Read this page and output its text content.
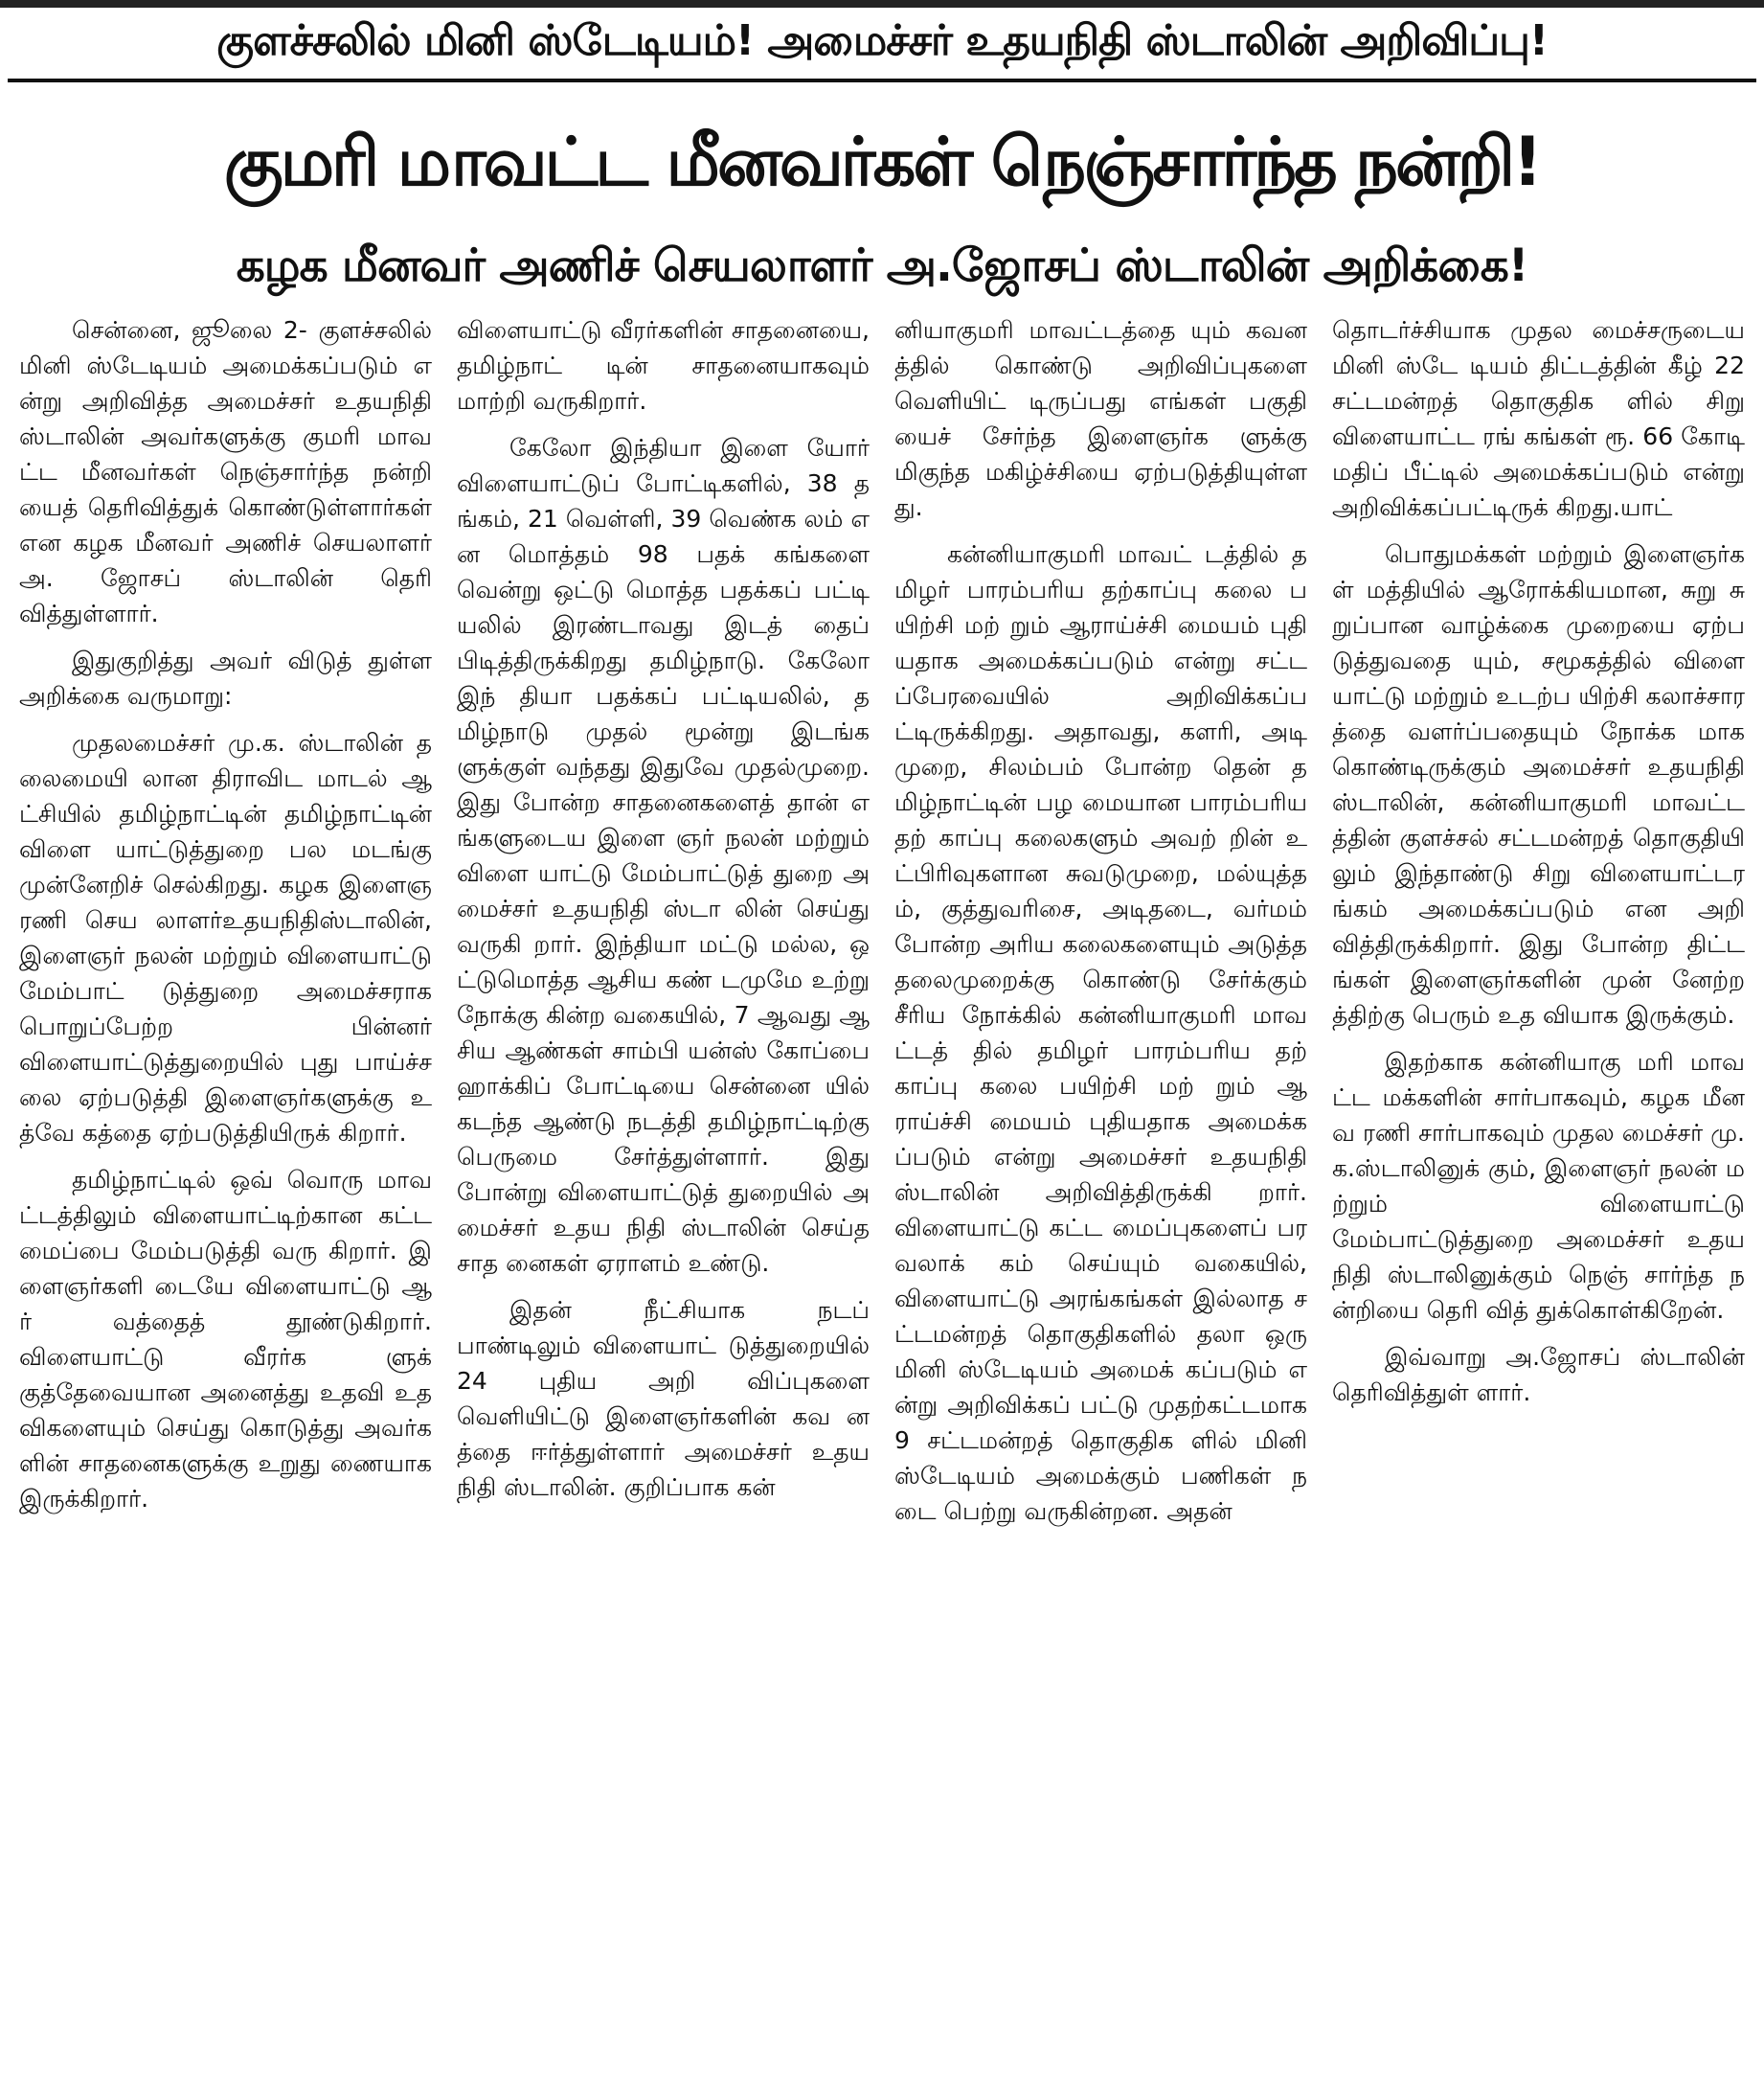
குளச்சலில் மினி ஸ்டேடியம்! அமைச்சர் உதயநிதி ஸ்டாலின் அறிவிப்பு!
குமரி மாவட்ட மீனவர்கள் நெஞ்சார்ந்த நன்றி!
கழக மீனவர் அணிச் செயலாளர் அ.ஜோசப் ஸ்டாலின் அறிக்கை!

சென்னை, ஜூலை 2- குளச்சலில் மினி ஸ்டேடியம் அமைக்கப்படும் என்று அறிவித்த அமைச்சர் உதயநிதி ஸ்டாலின் அவர்களுக்கு குமரி மாவட்ட மீனவர்கள் நெஞ்சார்ந்த நன்றி யைத் தெரிவித்துக் கொண்டுள்ளார்கள் என கழக மீனவர் அணிச் செயலாளர் அ. ஜோசப் ஸ்டாலின் தெரி வித்துள்ளார்.

இதுகுறித்து அவர் விடுத் துள்ள அறிக்கை வருமாறு:

முதலமைச்சர் மு.க. ஸ்டாலின் தலைமையி லான திராவிட மாடல் ஆட்சியில் தமிழ்நாட்டின் தமிழ்நாட்டின் விளை யாட்டுத்துறை பல மடங்கு முன்னேறிச் செல்கிறது. கழக இளைஞரணி செய லாளர்உதயநிதிஸ்டாலின், இளைஞர் நலன் மற்றும் விளையாட்டு மேம்பாட் டுத்துறை அமைச்சராக பொறுப்பேற்ற பின்னர் விளையாட்டுத்துறையில் புது பாய்ச்சலை ஏற்படுத்தி இளைஞர்களுக்கு உத்வே கத்தை ஏற்படுத்தியிருக் கிறார்.

தமிழ்நாட்டில் ஒவ் வொரு மாவட்டத்திலும் விளையாட்டிற்கான கட்ட மைப்பை மேம்படுத்தி வரு கிறார். இளைஞர்களி டையே விளையாட்டு ஆர் வத்தைத் தூண்டுகிறார். விளையாட்டு வீரர்க ளுக் குத்தேவையான அனைத்து உதவி உதவிகளையும் செய்து கொடுத்து அவர்க ளின் சாதனைகளுக்கு உறுது ணையாக இருக்கிறார்.

விளையாட்டு வீரர்களின் சாதனையை, தமிழ்நாட் டின் சாதனையாகவும் மாற்றி வருகிறார்.

கேலோ இந்தியா இளை யோர் விளையாட்டுப் போட்டிகளில், 38 தங்கம், 21 வெள்ளி, 39 வெண்க லம் என மொத்தம் 98 பதக் கங்களை வென்று ஒட்டு மொத்த பதக்கப் பட்டி யலில் இரண்டாவது இடத் தைப் பிடித்திருக்கிறது தமிழ்நாடு. கேலோ இந் தியா பதக்கப் பட்டியலில், தமிழ்நாடு முதல் மூன்று இடங்களுக்குள் வந்தது இதுவே முதல்முறை. இது போன்ற சாதனைகளைத் தான் எங்களுடைய இளை ஞர் நலன் மற்றும் விளை யாட்டு மேம்பாட்டுத் துறை அமைச்சர் உதயநிதி ஸ்டா லின் செய்து வருகி றார். இந்தியா மட்டு மல்ல, ஒட்டுமொத்த ஆசிய கண் டமுமே உற்று நோக்கு கின்ற வகையில், 7 ஆவது ஆசிய ஆண்கள் சாம்பி யன்ஸ் கோப்பை ஹாக்கிப் போட்டியை சென்னை யில் கடந்த ஆண்டு நடத்தி தமிழ்நாட்டிற்கு பெருமை சேர்த்துள்ளார். இது போன்று விளையாட்டுத் துறையில் அமைச்சர் உதய நிதி ஸ்டாலின் செய்த சாத னைகள் ஏராளம் உண்டு.

இதன் நீட்சியாக நடப் பாண்டிலும் விளையாட் டுத்துறையில் 24 புதிய அறி விப்புகளை வெளியிட்டு இளைஞர்களின் கவ னத்தை ஈர்த்துள்ளார் அமைச்சர் உதயநிதி ஸ்டாலின். குறிப்பாக கன்

னியாகுமரி மாவட்டத்தை யும் கவனத்தில் கொண்டு அறிவிப்புகளை வெளியிட் டிருப்பது எங்கள் பகுதி யைச் சேர்ந்த இளைஞர்க ளுக்கு மிகுந்த மகிழ்ச்சியை ஏற்படுத்தியுள்ளது.

கன்னியாகுமரி மாவட் டத்தில் தமிழர் பாரம்பரிய தற்காப்பு கலை பயிற்சி மற் றும் ஆராய்ச்சி மையம் புதி யதாக அமைக்கப்படும் என்று சட்டப்பேரவையில் அறிவிக்கப்பட்டிருக்கிறது. அதாவது, களரி, அடி முறை, சிலம்பம் போன்ற தென் தமிழ்நாட்டின் பழ மையான பாரம்பரிய தற் காப்பு கலைகளும் அவற் றின் உட்பிரிவுகளான சுவடுமுறை, மல்யுத்தம், குத்துவரிசை, அடிதடை, வர்மம் போன்ற அரிய கலைகளையும் அடுத்த தலைமுறைக்கு கொண்டு சேர்க்கும் சீரிய நோக்கில் கன்னியாகுமரி மாவட்டத் தில் தமிழர் பாரம்பரிய தற் காப்பு கலை பயிற்சி மற் றும் ஆராய்ச்சி மையம் புதியதாக அமைக்கப்படும் என்று அமைச்சர் உதயநிதி ஸ்டாலின் அறிவித்திருக்கி றார். விளையாட்டு கட்ட மைப்புகளைப் பரவலாக் கம் செய்யும் வகையில், விளையாட்டு அரங்கங்கள் இல்லாத சட்டமன்றத் தொகுதிகளில் தலா ஒரு மினி ஸ்டேடியம் அமைக் கப்படும் என்று அறிவிக்கப் பட்டு முதற்கட்டமாக 9 சட்டமன்றத் தொகுதிக ளில் மினி ஸ்டேடியம் அமைக்கும் பணிகள் நடை பெற்று வருகின்றன. அதன்

தொடர்ச்சியாக முதல மைச்சருடைய மினி ஸ்டே டியம் திட்டத்தின் கீழ் 22 சட்டமன்றத் தொகுதிக ளில் சிறு விளையாட்ட ரங் கங்கள் ரூ. 66 கோடி மதிப் பீட்டில் அமைக்கப்படும் என்று அறிவிக்கப்பட்டிருக் கிறது.யாட்

பொதுமக்கள் மற்றும் இளைஞர்கள் மத்தியில் ஆரோக்கியமான, சுறு சு றுப்பான வாழ்க்கை முறையை ஏற்படுத்துவதை யும், சமூகத்தில் விளை யாட்டு மற்றும் உடற்ப யிற்சி கலாச்சாரத்தை வளர்ப்பதையும் நோக்க மாக கொண்டிருக்கும் அமைச்சர் உதயநிதி ஸ்டாலின், கன்னியாகுமரி மாவட்டத்தின் குளச்சல் சட்டமன்றத் தொகுதியி லும் இந்தாண்டு சிறு விளையாட்டரங்கம் அமைக்கப்படும் என அறி வித்திருக்கிறார். இது போன்ற திட்டங்கள் இளைஞர்களின் முன் னேற்றத்திற்கு பெரும் உத வியாக இருக்கும்.

இதற்காக கன்னியாகு மரி மாவட்ட மக்களின் சார்பாகவும், கழக மீனவ ரணி சார்பாகவும் முதல மைச்சர் மு.க.ஸ்டாலினுக் கும், இளைஞர் நலன் மற்றும் விளையாட்டு மேம்பாட்டுத்துறை அமைச்சர் உதயநிதி ஸ்டாலினுக்கும் நெஞ் சார்ந்த நன்றியை தெரி வித் துக்கொள்கிறேன்.

இவ்வாறு அ.ஜோசப் ஸ்டாலின் தெரிவித்துள் ளார்.
